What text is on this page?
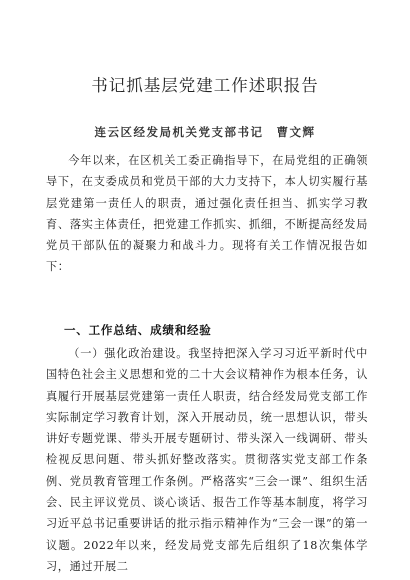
书记抓基层党建工作述职报告
连云区经发局机关党支部书记　曹文辉
今年以来，在区机关工委正确指导下，在局党组的正确领导下，在支委成员和党员干部的大力支持下，本人切实履行基层党建第一责任人的职责，通过强化责任担当、抓实学习教育、落实主体责任，把党建工作抓实、抓细，不断提高经发局党员干部队伍的凝聚力和战斗力。现将有关工作情况报告如下：
一、工作总结、成绩和经验
（一）强化政治建设。我坚持把深入学习习近平新时代中国特色社会主义思想和党的二十大会议精神作为根本任务，认真履行开展基层党建第一责任人职责，结合经发局党支部工作实际制定学习教育计划，深入开展动员，统一思想认识，带头讲好专题党课、带头开展专题研讨、带头深入一线调研、带头检视反思问题、带头抓好整改落实。贯彻落实党支部工作条例、党员教育管理工作条例。严格落实“三会一课”、组织生活会、民主评议党员、谈心谈话、报告工作等基本制度，将学习习近平总书记重要讲话的批示指示精神作为“三会一课”的第一议题。2022年以来，经发局党支部先后组织了18次集体学习，通过开展二
